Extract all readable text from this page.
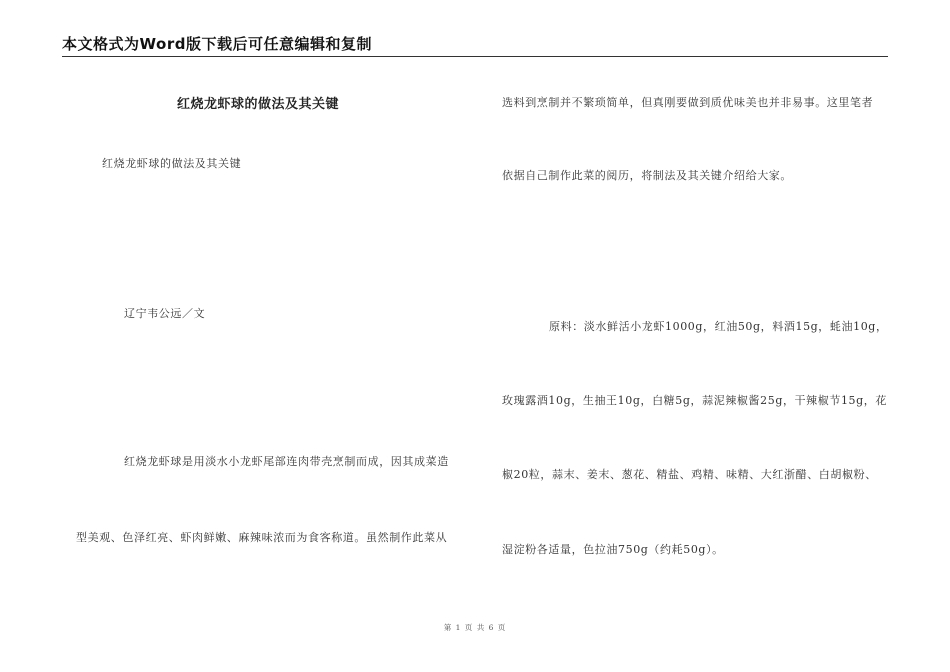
本文格式为Word版下载后可任意编辑和复制
红烧龙虾球的做法及其关键
红烧龙虾球的做法及其关键
辽宁韦公远／文
红烧龙虾球是用淡水小龙虾尾部连肉带壳烹制而成，因其成菜造
型美观、色泽红亮、虾肉鲜嫩、麻辣味浓而为食客称道。虽然制作此菜从
选料到烹制并不繁琐简单，但真刚要做到质优味美也并非易事。这里笔者
依据自己制作此菜的阅历，将制法及其关键介绍给大家。
原料：淡水鲜活小龙虾1000g，红油50g，料酒15g，蚝油10g，
玫瑰露酒10g，生抽王10g，白糖5g，蒜泥辣椒酱25g，干辣椒节15g，花
椒20粒，蒜末、姜末、葱花、精盐、鸡精、味精、大红浙醋、白胡椒粉、
湿淀粉各适量，色拉油750g（约耗50g）。
第 1 页 共 6 页
